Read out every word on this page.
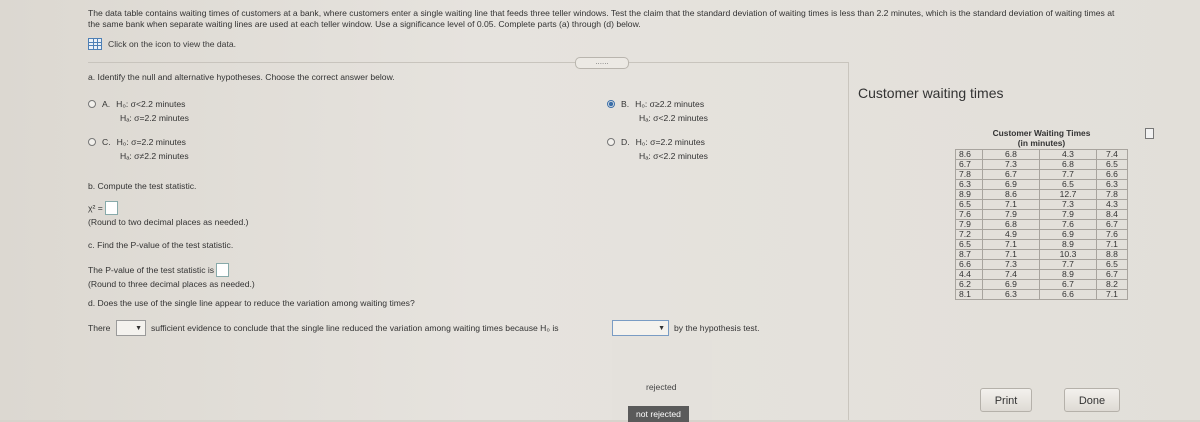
The data table contains waiting times of customers at a bank, where customers enter a single waiting line that feeds three teller windows. Test the claim that the standard deviation of waiting times is less than 2.2 minutes, which is the standard deviation of waiting times at the same bank when separate waiting lines are used at each teller window. Use a significance level of 0.05. Complete parts (a) through (d) below.
Click on the icon to view the data.
......
a. Identify the null and alternative hypotheses. Choose the correct answer below.
A. H₀: σ<2.2 minutes
Hₐ: σ=2.2 minutes
B. H₀: σ≥2.2 minutes
Hₐ: σ<2.2 minutes
C. H₀: σ=2.2 minutes
Hₐ: σ≠2.2 minutes
D. H₀: σ=2.2 minutes
Hₐ: σ<2.2 minutes
b. Compute the test statistic.
χ² =
(Round to two decimal places as needed.)
c. Find the P-value of the test statistic.
The P-value of the test statistic is
(Round to three decimal places as needed.)
d. Does the use of the single line appear to reduce the variation among waiting times?
There	▼ sufficient evidence to conclude that the single line reduced the variation among waiting times because H₀ is	▼ by the hypothesis test.
rejected
not rejected
Customer waiting times
Customer Waiting Times
(in minutes)
8.6	6.8	4.3	7.4
6.7	7.3	6.8	6.5
7.8	6.7	7.7	6.6
6.3	6.9	6.5	6.3
8.9	8.6	12.7	7.8
6.5	7.1	7.3	4.3
7.6	7.9	7.9	8.4
7.9	6.8	7.6	6.7
7.2	4.9	6.9	7.6
6.5	7.1	8.9	7.1
8.7	7.1	10.3	8.8
6.6	7.3	7.7	6.5
4.4	7.4	8.9	6.7
6.2	6.9	6.7	8.2
8.1	6.3	6.6	7.1
Print	Done
